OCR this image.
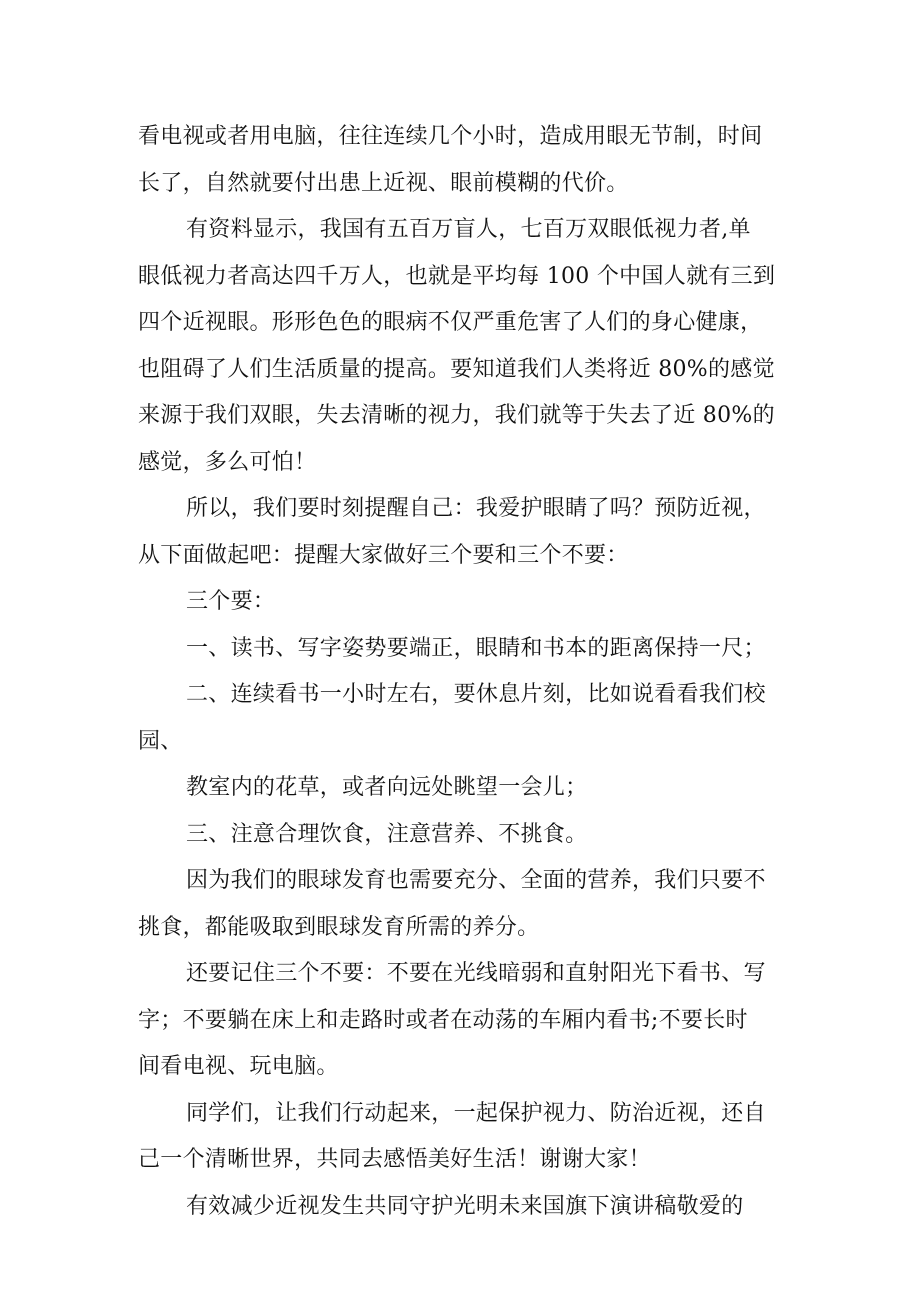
看电视或者用电脑，往往连续几个小时，造成用眼无节制，时间
长了，自然就要付出患上近视、眼前模糊的代价。
有资料显示，我国有五百万盲人，七百万双眼低视力者,单
眼低视力者高达四千万人，也就是平均每 100 个中国人就有三到
四个近视眼。形形色色的眼病不仅严重危害了人们的身心健康，
也阻碍了人们生活质量的提高。要知道我们人类将近 80%的感觉
来源于我们双眼，失去清晰的视力，我们就等于失去了近 80%的
感觉，多么可怕！
所以，我们要时刻提醒自己：我爱护眼睛了吗？预防近视，
从下面做起吧：提醒大家做好三个要和三个不要：
三个要：
一、读书、写字姿势要端正，眼睛和书本的距离保持一尺；
二、连续看书一小时左右，要休息片刻，比如说看看我们校
园、
教室内的花草，或者向远处眺望一会儿；
三、注意合理饮食，注意营养、不挑食。
因为我们的眼球发育也需要充分、全面的营养，我们只要不
挑食，都能吸取到眼球发育所需的养分。
还要记住三个不要：不要在光线暗弱和直射阳光下看书、写
字；不要躺在床上和走路时或者在动荡的车厢内看书;不要长时
间看电视、玩电脑。
同学们，让我们行动起来，一起保护视力、防治近视，还自
己一个清晰世界，共同去感悟美好生活！谢谢大家！
有效减少近视发生共同守护光明未来国旗下演讲稿敬爱的
